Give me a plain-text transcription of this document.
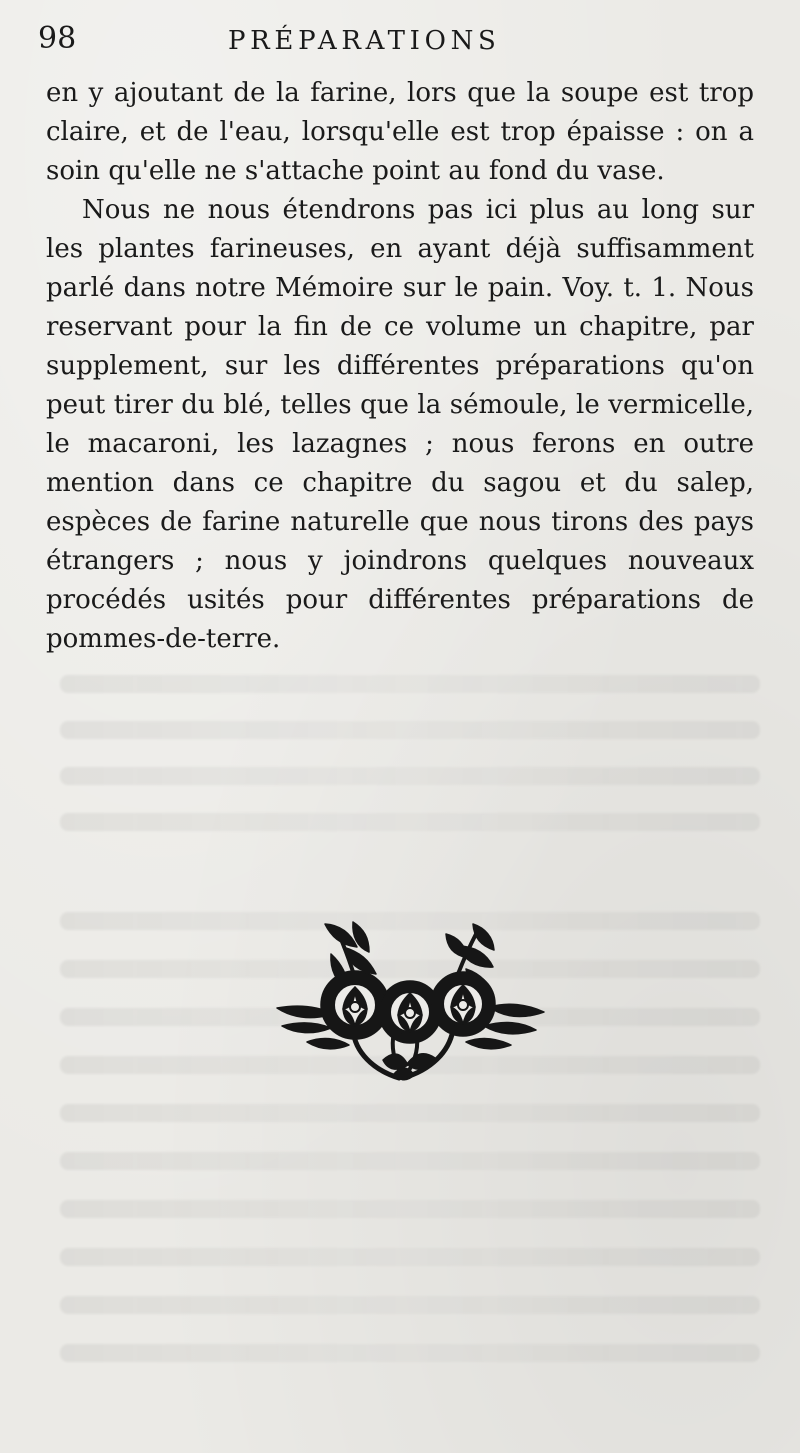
98	PRÉPARATIONS

en y ajoutant de la farine, lors que la soupe est trop claire, et de l'eau, lorsqu'elle est trop épaisse : on a soin qu'elle ne s'attache point au fond du vase.

Nous ne nous étendrons pas ici plus au long sur les plantes farineuses, en ayant déjà suffisamment parlé dans notre Mémoire sur le pain. Voy. t. 1. Nous reservant pour la fin de ce volume un chapitre, par supplement, sur les différentes préparations qu'on peut tirer du blé, telles que la sémoule, le vermicelle, le macaroni, les lazagnes ; nous ferons en outre mention dans ce chapitre du sagou et du salep, espèces de farine naturelle que nous tirons des pays étrangers ; nous y joindrons quelques nouveaux procédés usités pour différentes préparations de pommes-de-terre.
